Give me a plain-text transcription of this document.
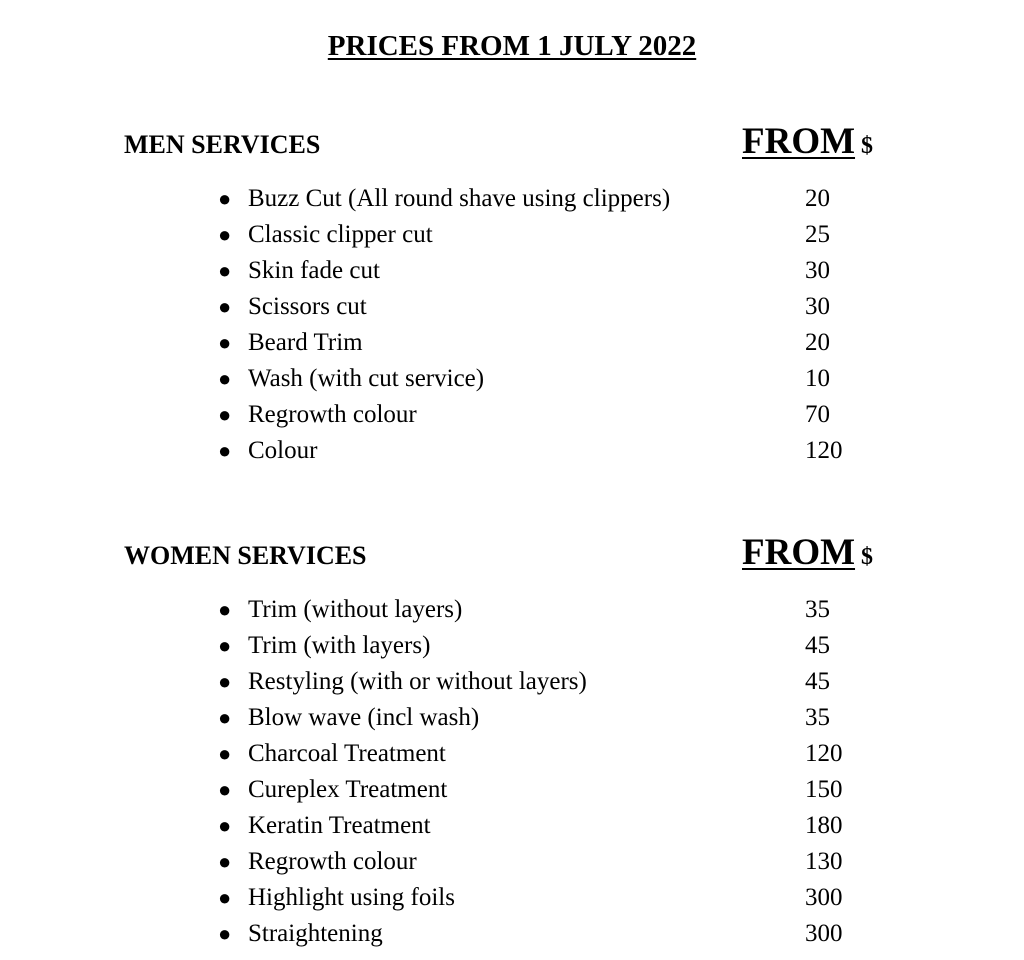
PRICES FROM 1 JULY 2022
MEN SERVICES	FROM $
● Buzz Cut (All round shave using clippers)	20
● Classic clipper cut	25
● Skin fade cut	30
● Scissors cut	30
● Beard Trim	20
● Wash (with cut service)	10
● Regrowth colour	70
● Colour	120
WOMEN SERVICES	FROM $
● Trim (without layers)	35
● Trim (with layers)	45
● Restyling (with or without layers)	45
● Blow wave (incl wash)	35
● Charcoal Treatment	120
● Cureplex Treatment	150
● Keratin Treatment	180
● Regrowth colour	130
● Highlight using foils	300
● Straightening	300
